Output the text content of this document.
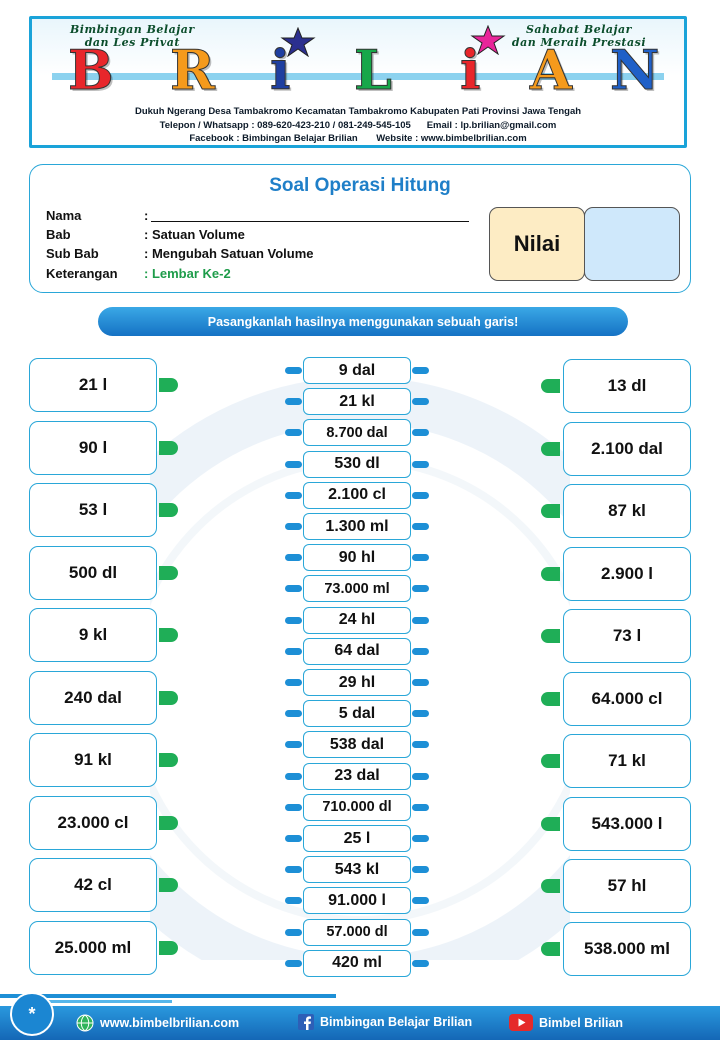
Bimbingan Belajar
dan Les Privat
Sahabat Belajar
dan Meraih Prestasi
B R i L i A N
Dukuh Ngerang Desa Tambakromo Kecamatan Tambakromo Kabupaten Pati Provinsi Jawa Tengah
Telepon / Whatsapp : 089-620-423-210 / 081-249-545-105 Email : lp.brilian@gmail.com
Facebook : Bimbingan Belajar Brilian Website : www.bimbelbrilian.com
Soal Operasi Hitung
Nama	:
Bab	: Satuan Volume
Sub Bab	: Mengubah Satuan Volume
Keterangan : Lembar Ke-2
Nilai
Pasangkanlah hasilnya menggunakan sebuah garis!
*	www.bimbelbrilian.com	Bimbingan Belajar Brilian	Bimbel Brilian
21 l
90 l
53 l
500 dl
9 kl
240 dal
91 kl
23.000 cl
42 cl
25.000 ml
13 dl
2.100 dal
87 kl
2.900 l
73 l
64.000 cl
71 kl
543.000 l
57 hl
538.000 ml
9 dal
21 kl
8.700 dal
530 dl
2.100 cl
1.300 ml
90 hl
73.000 ml
24 hl
64 dal
29 hl
5 dal
538 dal
23 dal
710.000 dl
25 l
543 kl
91.000 l
57.000 dl
420 ml
